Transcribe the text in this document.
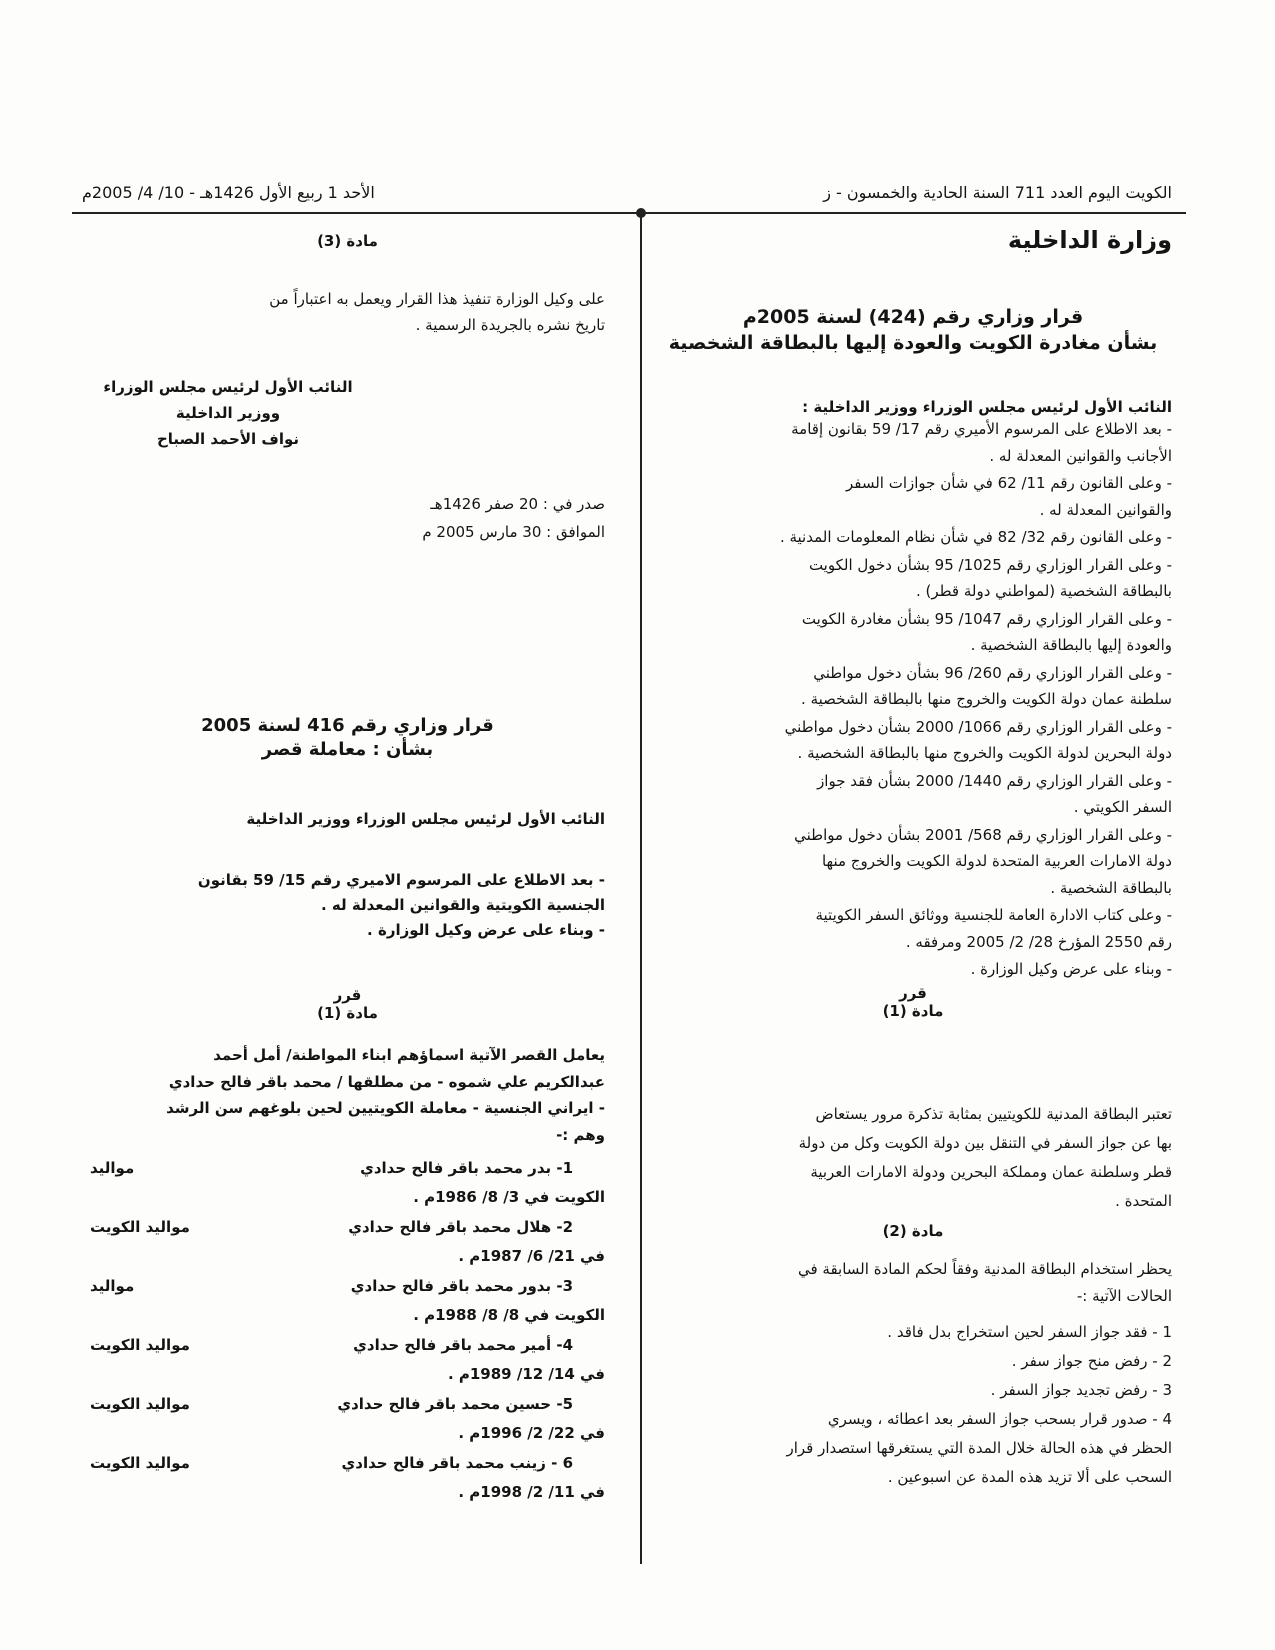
الكويت اليوم العدد 711 السنة الحادية والخمسون - ز
الأحد 1 ربيع الأول 1426هـ - 10/ 4/ 2005م

وزارة الداخلية

قرار وزاري رقم (424) لسنة 2005م

بشأن مغادرة الكويت والعودة إليها بالبطاقة الشخصية

النائب الأول لرئيس مجلس الوزراء ووزير الداخلية :

- بعد الاطلاع على المرسوم الأميري رقم 17/ 59 بقانون إقامة

الأجانب والقوانين المعدلة له .

- وعلى القانون رقم 11/ 62 في شأن جوازات السفر

والقوانين المعدلة له .

- وعلى القانون رقم 32/ 82 في شأن نظام المعلومات المدنية .

- وعلى القرار الوزاري رقم 1025/ 95 بشأن دخول الكويت

بالبطاقة الشخصية (لمواطني دولة قطر) .

- وعلى القرار الوزاري رقم 1047/ 95 بشأن مغادرة الكويت

والعودة إليها بالبطاقة الشخصية .

- وعلى القرار الوزاري رقم 260/ 96 بشأن دخول مواطني

سلطنة عمان دولة الكويت والخروج منها بالبطاقة الشخصية .

- وعلى القرار الوزاري رقم 1066/ 2000 بشأن دخول مواطني

دولة البحرين لدولة الكويت والخروج منها بالبطاقة الشخصية .

- وعلى القرار الوزاري رقم 1440/ 2000 بشأن فقد جواز

السفر الكويتي .

- وعلى القرار الوزاري رقم 568/ 2001 بشأن دخول مواطني

دولة الامارات العربية المتحدة لدولة الكويت والخروج منها

بالبطاقة الشخصية .

- وعلى كتاب الادارة العامة للجنسية ووثائق السفر الكويتية

رقم 2550 المؤرخ 28/ 2/ 2005 ومرفقه .

- وبناء على عرض وكيل الوزارة .

قرر

مادة (1)

تعتبر البطاقة المدنية للكويتيين بمثابة تذكرة مرور يستعاض

بها عن جواز السفر في التنقل بين دولة الكويت وكل من دولة

قطر وسلطنة عمان ومملكة البحرين ودولة الامارات العربية

المتحدة .

مادة (2)

يحظر استخدام البطاقة المدنية وفقاً لحكم المادة السابقة في

الحالات الآتية :-

1 - فقد جواز السفر لحين استخراج بدل فاقد .

2 - رفض منح جواز سفر .

3 - رفض تجديد جواز السفر .

4 - صدور قرار بسحب جواز السفر بعد اعطائه ، ويسري

الحظر في هذه الحالة خلال المدة التي يستغرقها استصدار قرار

السحب على ألا تزيد هذه المدة عن اسبوعين .

مادة (3)

على وكيل الوزارة تنفيذ هذا القرار ويعمل به اعتباراً من

تاريخ نشره بالجريدة الرسمية .

النائب الأول لرئيس مجلس الوزراء

ووزير الداخلية

نواف الأحمد الصباح

صدر في : 20 صفر 1426هـ

الموافق : 30 مارس 2005 م

قرار وزاري رقم 416 لسنة 2005

بشأن : معاملة قصر

النائب الأول لرئيس مجلس الوزراء ووزير الداخلية

- بعد الاطلاع على المرسوم الاميري رقم 15/ 59 بقانون

الجنسية الكويتية والقوانين المعدلة له .

- وبناء على عرض وكيل الوزارة .

قرر

مادة (1)

يعامل القصر الآتية اسماؤهم ابناء المواطنة/ أمل أحمد

عبدالكريم علي شموه - من مطلقها / محمد باقر فالح حدادي

- ايراني الجنسية - معاملة الكويتيين لحين بلوغهم سن الرشد

وهم :-

1- بدر محمد باقر فالح حدادي
مواليد

الكويت في 3/ 8/ 1986م .

2- هلال محمد باقر فالح حدادي
مواليد الكويت

في 21/ 6/ 1987م .

3- بدور محمد باقر فالح حدادي
مواليد

الكويت في 8/ 8/ 1988م .

4- أمير محمد باقر فالح حدادي
مواليد الكويت

في 14/ 12/ 1989م .

5- حسين محمد باقر فالح حدادي
مواليد الكويت

في 22/ 2/ 1996م .

6 - زينب محمد باقر فالح حدادي
مواليد الكويت

في 11/ 2/ 1998م .
